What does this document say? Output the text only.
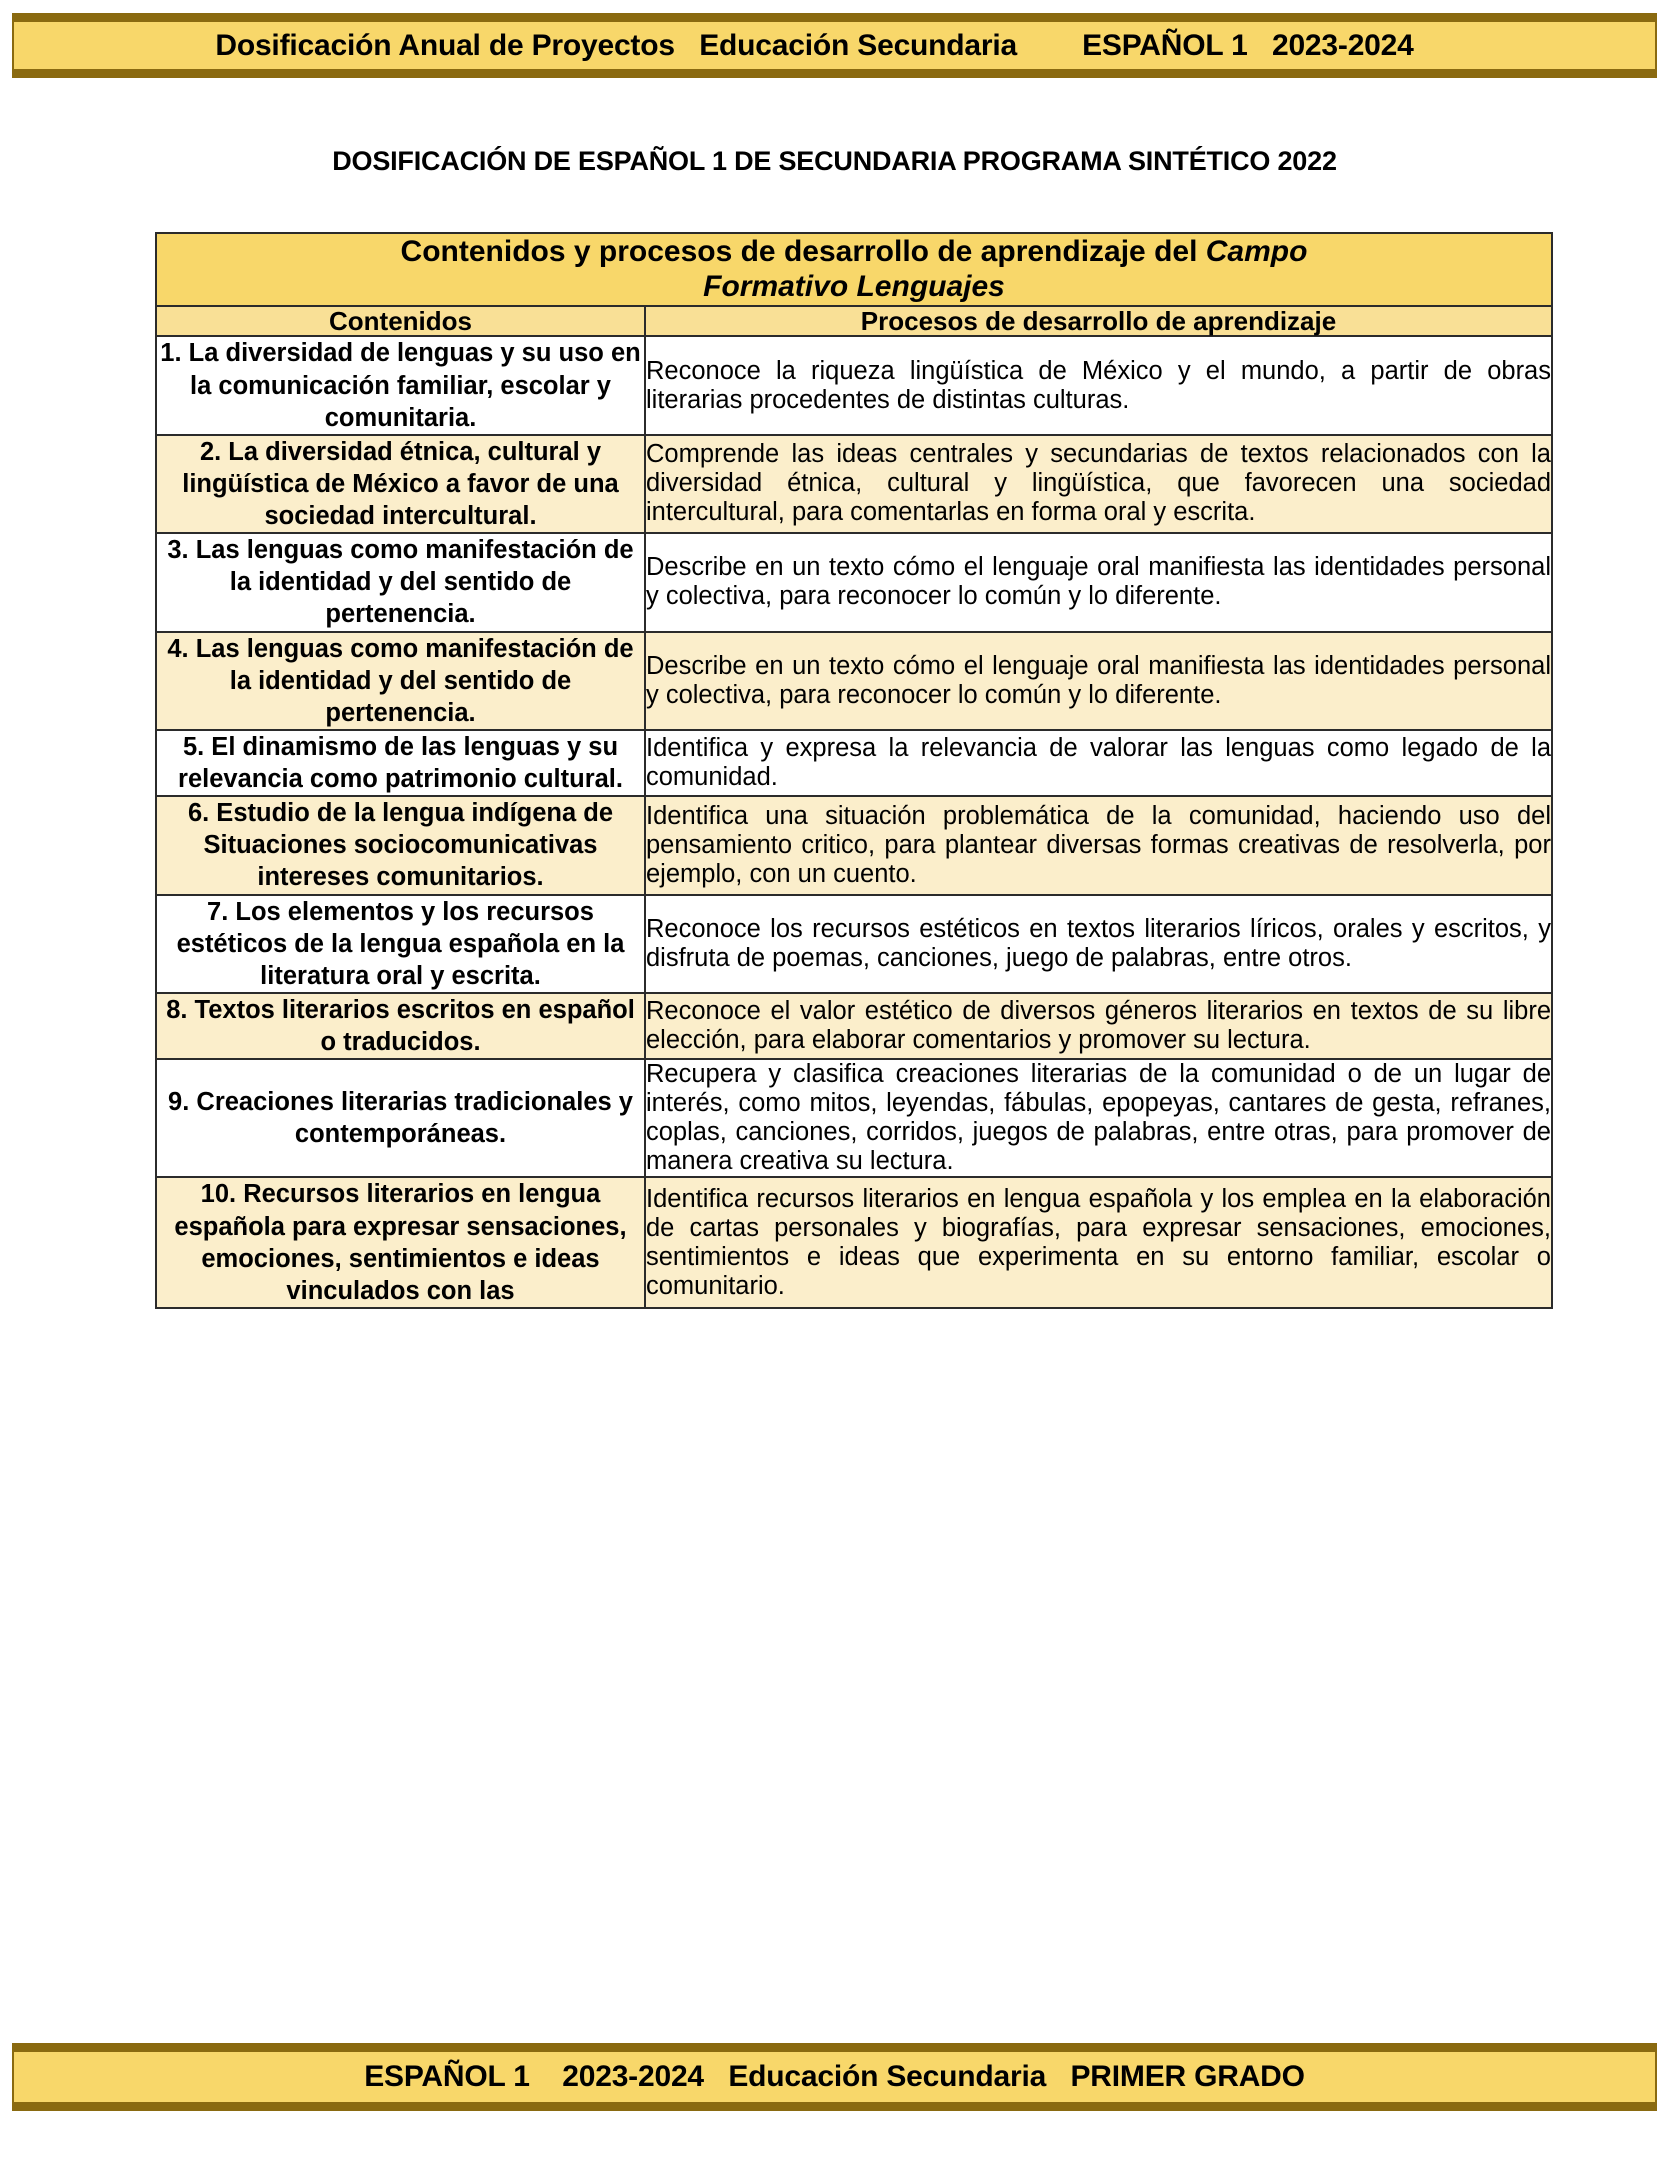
Dosificación Anual de Proyectos   Educación Secundaria        ESPAÑOL 1   2023-2024
DOSIFICACIÓN DE ESPAÑOL 1 DE SECUNDARIA PROGRAMA SINTÉTICO 2022
Contenidos y procesos de desarrollo de aprendizaje del Campo
Formativo Lenguajes	
Contenidos	Procesos de desarrollo de aprendizaje
1. La diversidad de lenguas y su uso en la comunicación familiar, escolar y comunitaria.	Reconoce la riqueza lingüística de México y el mundo, a partir de obras literarias procedentes de distintas culturas.
2. La diversidad étnica, cultural y lingüística de México a favor de una sociedad intercultural.	Comprende las ideas centrales y secundarias de textos relacionados con la diversidad étnica, cultural y lingüística, que favorecen una sociedad intercultural, para comentarlas en forma oral y escrita.
3. Las lenguas como manifestación de la identidad y del sentido de pertenencia.	Describe en un texto cómo el lenguaje oral manifiesta las identidades personal y colectiva, para reconocer lo común y lo diferente.
4. Las lenguas como manifestación de la identidad y del sentido de pertenencia.	Describe en un texto cómo el lenguaje oral manifiesta las identidades personal y colectiva, para reconocer lo común y lo diferente.
5. El dinamismo de las lenguas y su relevancia como patrimonio cultural.	Identifica y expresa la relevancia de valorar las lenguas como legado de la comunidad.
6. Estudio de la lengua indígena de Situaciones sociocomunicativas intereses comunitarios.	Identifica una situación problemática de la comunidad, haciendo uso del pensamiento critico, para plantear diversas formas creativas de resolverla, por ejemplo, con un cuento.
7. Los elementos y los recursos estéticos de la lengua española en la literatura oral y escrita.	Reconoce los recursos estéticos en textos literarios líricos, orales y escritos, y disfruta de poemas, canciones, juego de palabras, entre otros.
8. Textos literarios escritos en español o traducidos.	Reconoce el valor estético de diversos géneros literarios en textos de su libre elección, para elaborar comentarios y promover su lectura.
9. Creaciones literarias tradicionales y contemporáneas.	Recupera y clasifica creaciones literarias de la comunidad o de un lugar de interés, como mitos, leyendas, fábulas, epopeyas, cantares de gesta, refranes, coplas, canciones, corridos, juegos de palabras, entre otras, para promover de manera creativa su lectura.
10. Recursos literarios en lengua española para expresar sensaciones, emociones, sentimientos e ideas vinculados con las	Identifica recursos literarios en lengua española y los emplea en la elaboración de cartas personales y biografías, para expresar sensaciones, emociones, sentimientos e ideas que experimenta en su entorno familiar, escolar o comunitario.
ESPAÑOL 1    2023-2024   Educación Secundaria   PRIMER GRADO
